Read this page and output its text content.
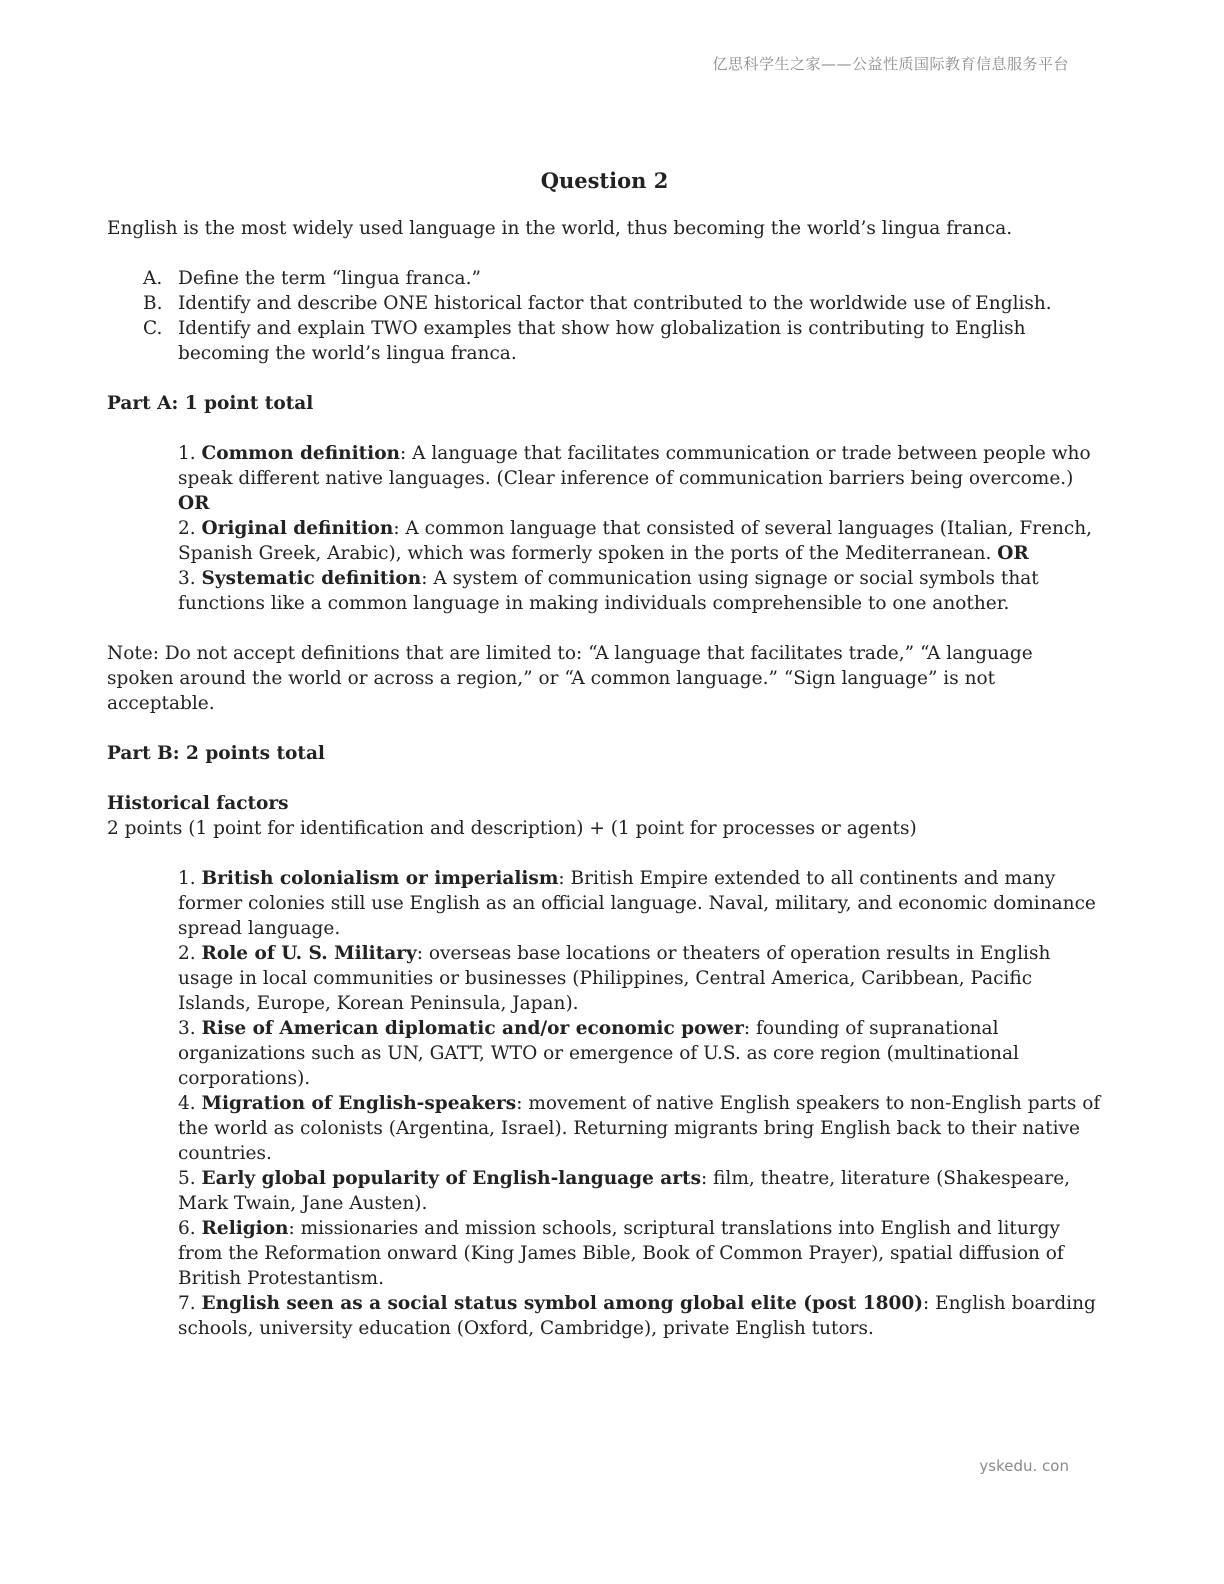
亿思科学生之家——公益性质国际教育信息服务平台
Question 2

English is the most widely used language in the world, thus becoming the world’s lingua franca.

A. Define the term “lingua franca.”
B. Identify and describe ONE historical factor that contributed to the worldwide use of English.
C. Identify and explain TWO examples that show how globalization is contributing to English becoming the world’s lingua franca.

Part A: 1 point total

1. Common definition: A language that facilitates communication or trade between people who speak different native languages. (Clear inference of communication barriers being overcome.) OR

2. Original definition: A common language that consisted of several languages (Italian, French, Spanish Greek, Arabic), which was formerly spoken in the ports of the Mediterranean. OR

3. Systematic definition: A system of communication using signage or social symbols that functions like a common language in making individuals comprehensible to one another.

Note: Do not accept definitions that are limited to: “A language that facilitates trade,” “A language spoken around the world or across a region,” or “A common language.” “Sign language” is not acceptable.

Part B: 2 points total

Historical factors

2 points (1 point for identification and description) + (1 point for processes or agents)

1. British colonialism or imperialism: British Empire extended to all continents and many former colonies still use English as an official language. Naval, military, and economic dominance spread language.

2. Role of U. S. Military: overseas base locations or theaters of operation results in English usage in local communities or businesses (Philippines, Central America, Caribbean, Pacific Islands, Europe, Korean Peninsula, Japan).

3. Rise of American diplomatic and/or economic power: founding of supranational organizations such as UN, GATT, WTO or emergence of U.S. as core region (multinational corporations).

4. Migration of English-speakers: movement of native English speakers to non-English parts of the world as colonists (Argentina, Israel). Returning migrants bring English back to their native countries.

5. Early global popularity of English-language arts: film, theatre, literature (Shakespeare, Mark Twain, Jane Austen).

6. Religion: missionaries and mission schools, scriptural translations into English and liturgy from the Reformation onward (King James Bible, Book of Common Prayer), spatial diffusion of British Protestantism.

7. English seen as a social status symbol among global elite (post 1800): English boarding schools, university education (Oxford, Cambridge), private English tutors.

yskedu. con
